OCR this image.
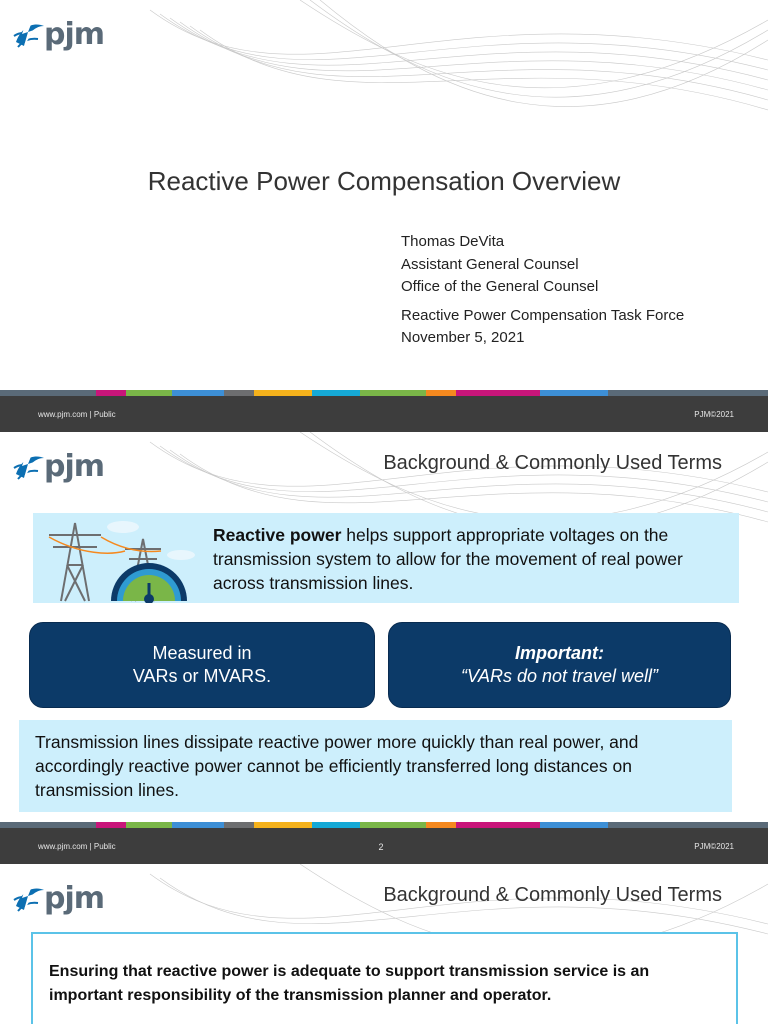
pjm
Reactive Power Compensation Overview
Thomas DeVita
Assistant General Counsel
Office of the General Counsel
Reactive Power Compensation Task Force
November 5, 2021
www.pjm.com | Public	PJM©2021
pjm	Background & Commonly Used Terms
Reactive power helps support appropriate voltages on the transmission system to allow for the movement of real power across transmission lines.
Measured in
VARs or MVARS.
Important:
“VARs do not travel well”
Transmission lines dissipate reactive power more quickly than real power, and accordingly reactive power cannot be efficiently transferred long distances on transmission lines.
www.pjm.com | Public	2	PJM©2021
pjm	Background & Commonly Used Terms
Ensuring that reactive power is adequate to support transmission service is an important responsibility of the transmission planner and operator.
